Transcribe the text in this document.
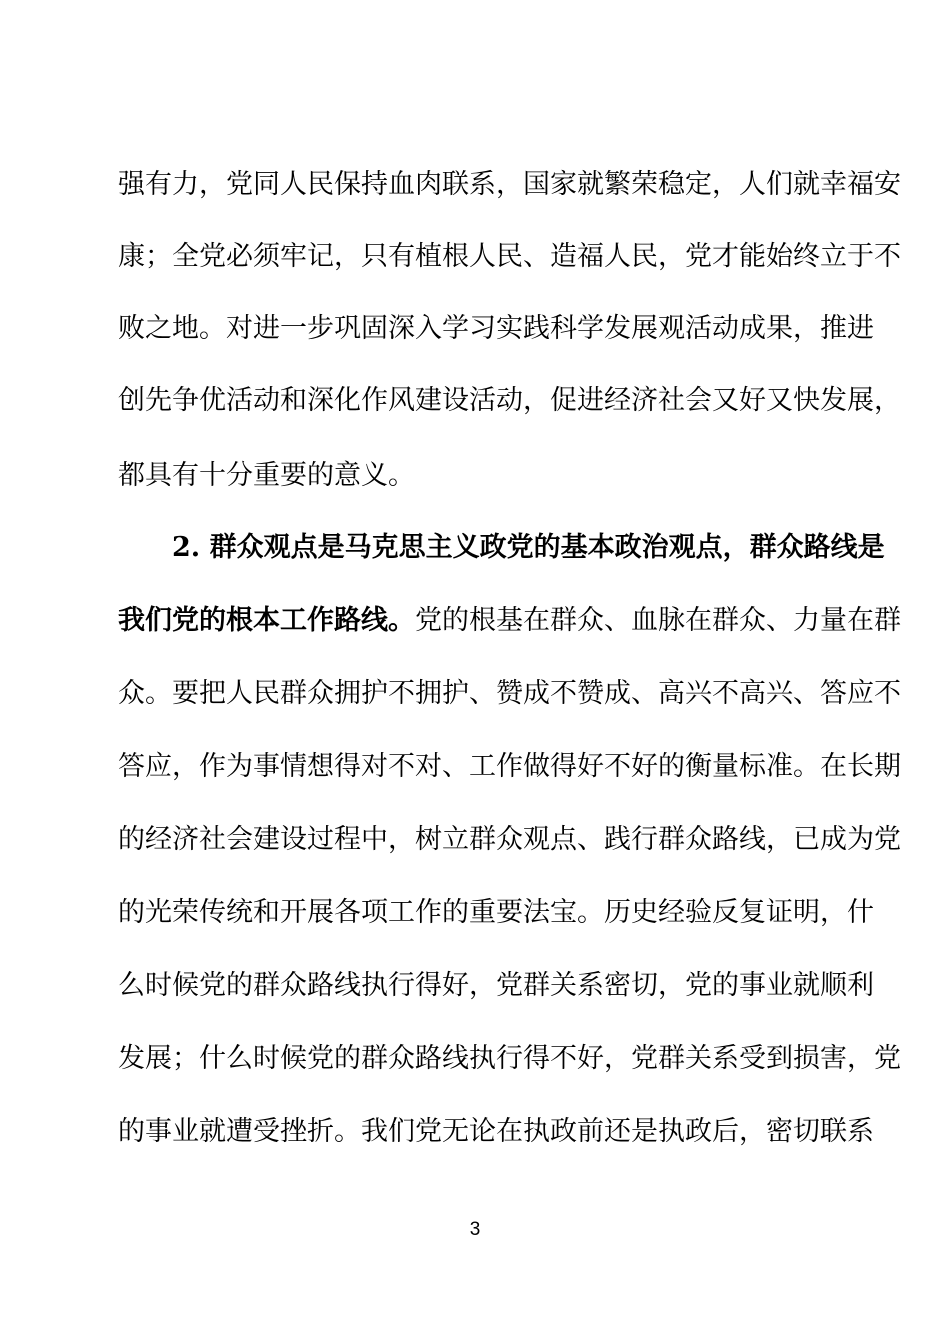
强有力，党同人民保持血肉联系，国家就繁荣稳定，人们就幸福安
康；全党必须牢记，只有植根人民、造福人民，党才能始终立于不
败之地。对进一步巩固深入学习实践科学发展观活动成果，推进
创先争优活动和深化作风建设活动，促进经济社会又好又快发展，
都具有十分重要的意义。
2. 群众观点是马克思主义政党的基本政治观点，群众路线是
我们党的根本工作路线。党的根基在群众、血脉在群众、力量在群
众。要把人民群众拥护不拥护、赞成不赞成、高兴不高兴、答应不
答应，作为事情想得对不对、工作做得好不好的衡量标准。在长期
的经济社会建设过程中，树立群众观点、践行群众路线，已成为党
的光荣传统和开展各项工作的重要法宝。历史经验反复证明，什
么时候党的群众路线执行得好，党群关系密切，党的事业就顺利
发展；什么时候党的群众路线执行得不好，党群关系受到损害，党
的事业就遭受挫折。我们党无论在执政前还是执政后，密切联系
3
